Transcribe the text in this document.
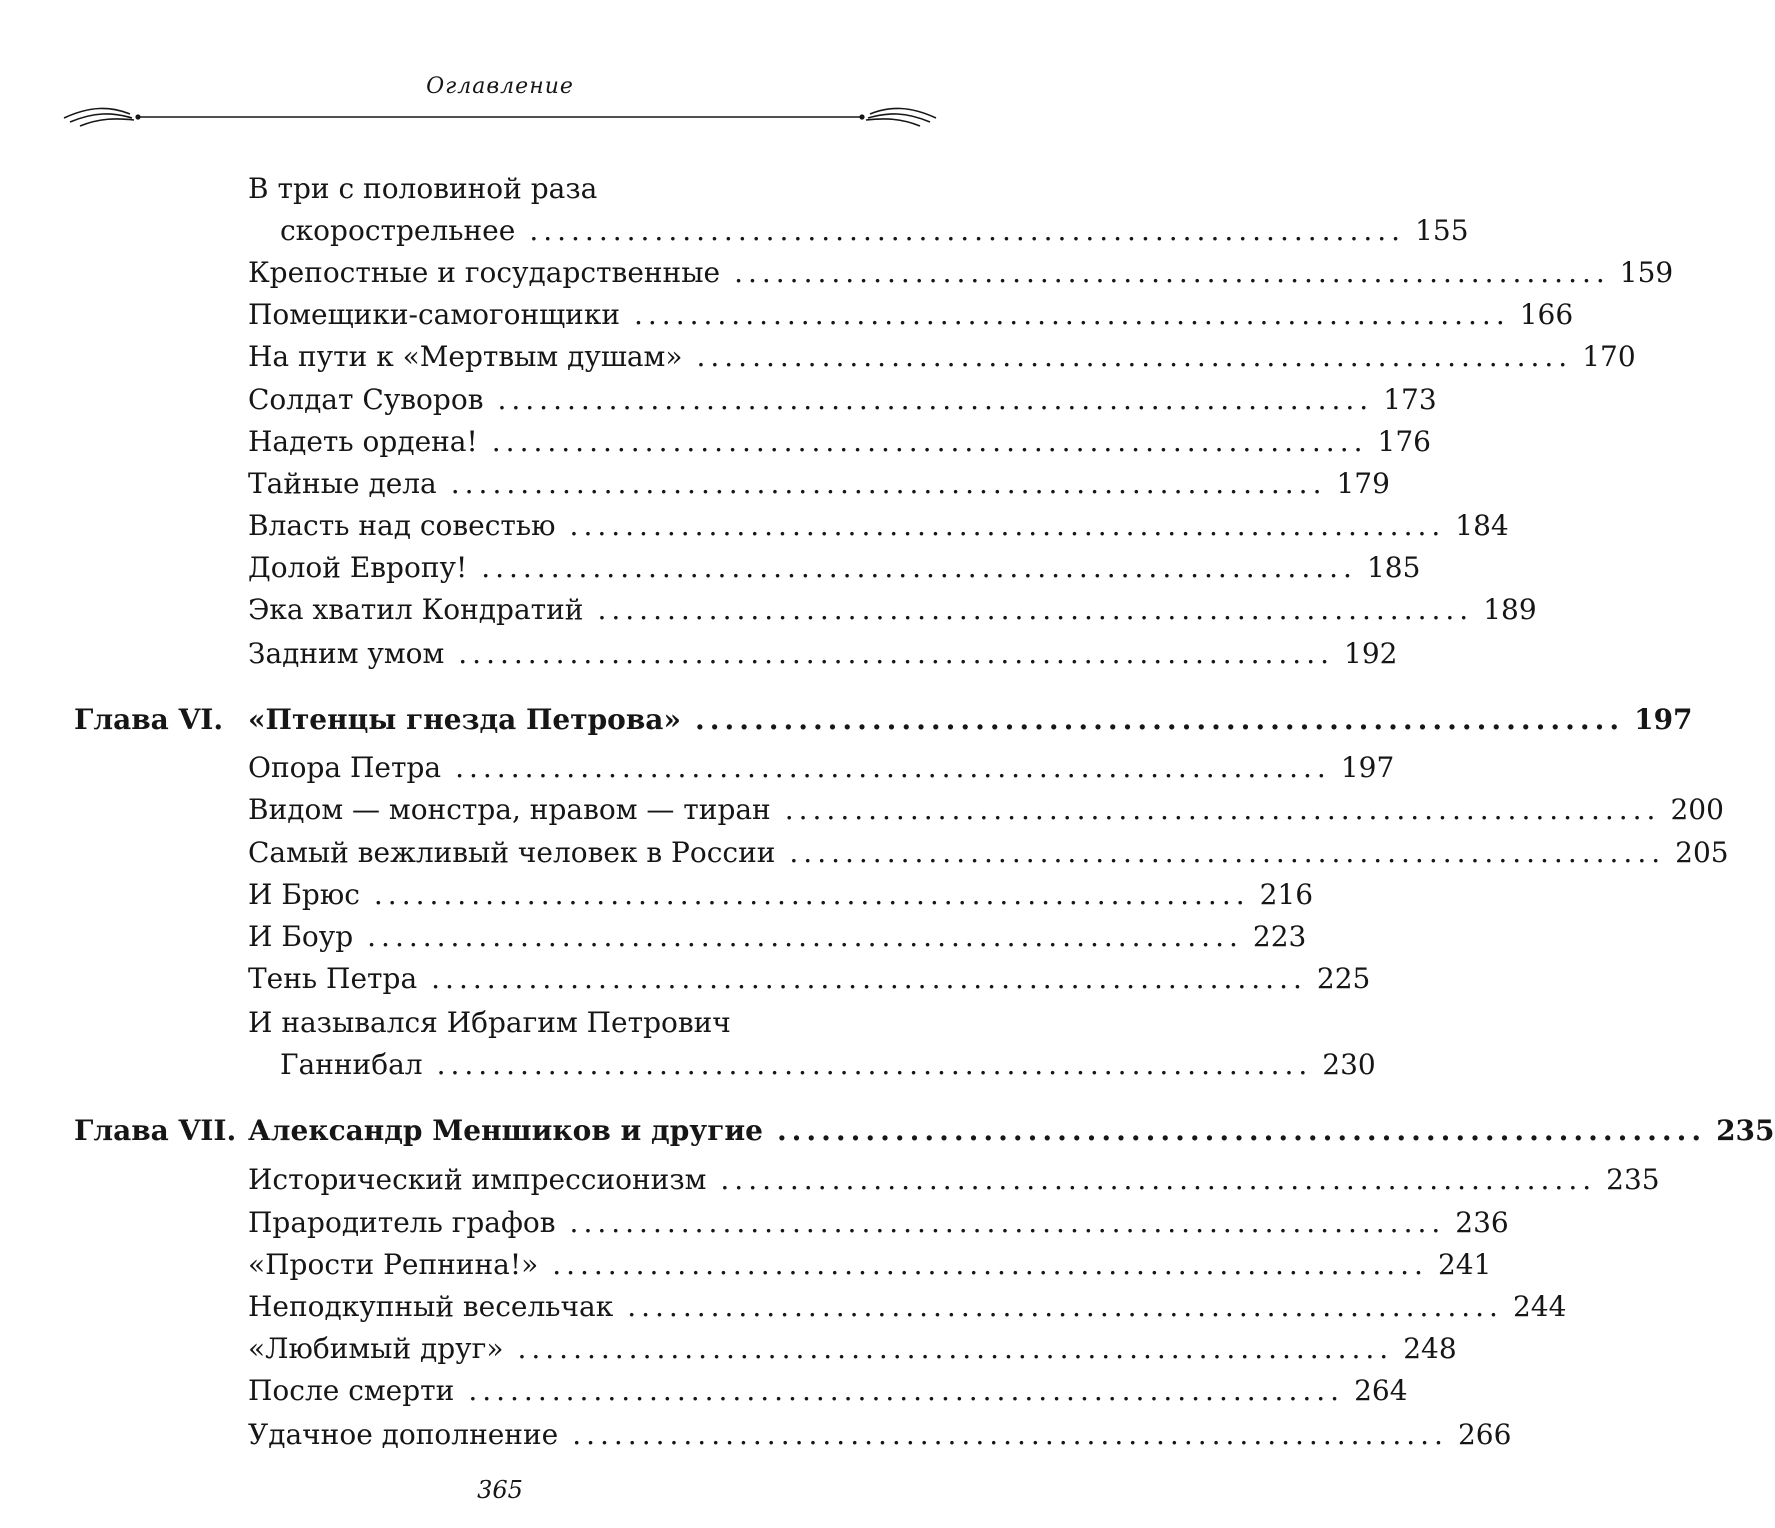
Оглавление
В три с половиной раза
скорострельнее ............................................................... 155
Крепостные и государственные ............................................................... 159
Помещики-самогонщики ............................................................... 166
На пути к «Мертвым душам» ............................................................... 170
Солдат Суворов ............................................................... 173
Надеть ордена! ............................................................... 176
Тайные дела ............................................................... 179
Власть над совестью ............................................................... 184
Долой Европу! ............................................................... 185
Эка хватил Кондратий ............................................................... 189
Задним умом ............................................................... 192
Глава VI. «Птенцы гнезда Петрова» ............................................................... 197
Опора Петра ............................................................... 197
Видом — монстра, нравом — тиран ............................................................... 200
Самый вежливый человек в России ............................................................... 205
И Брюс ............................................................... 216
И Боур ............................................................... 223
Тень Петра ............................................................... 225
И назывался Ибрагим Петрович
Ганнибал ............................................................... 230
Глава VII. Александр Меншиков и другие ............................................................... 235
Исторический импрессионизм ............................................................... 235
Прародитель графов ............................................................... 236
«Прости Репнина!» ............................................................... 241
Неподкупный весельчак ............................................................... 244
«Любимый друг» ............................................................... 248
После смерти ............................................................... 264
Удачное дополнение ............................................................... 266
365
